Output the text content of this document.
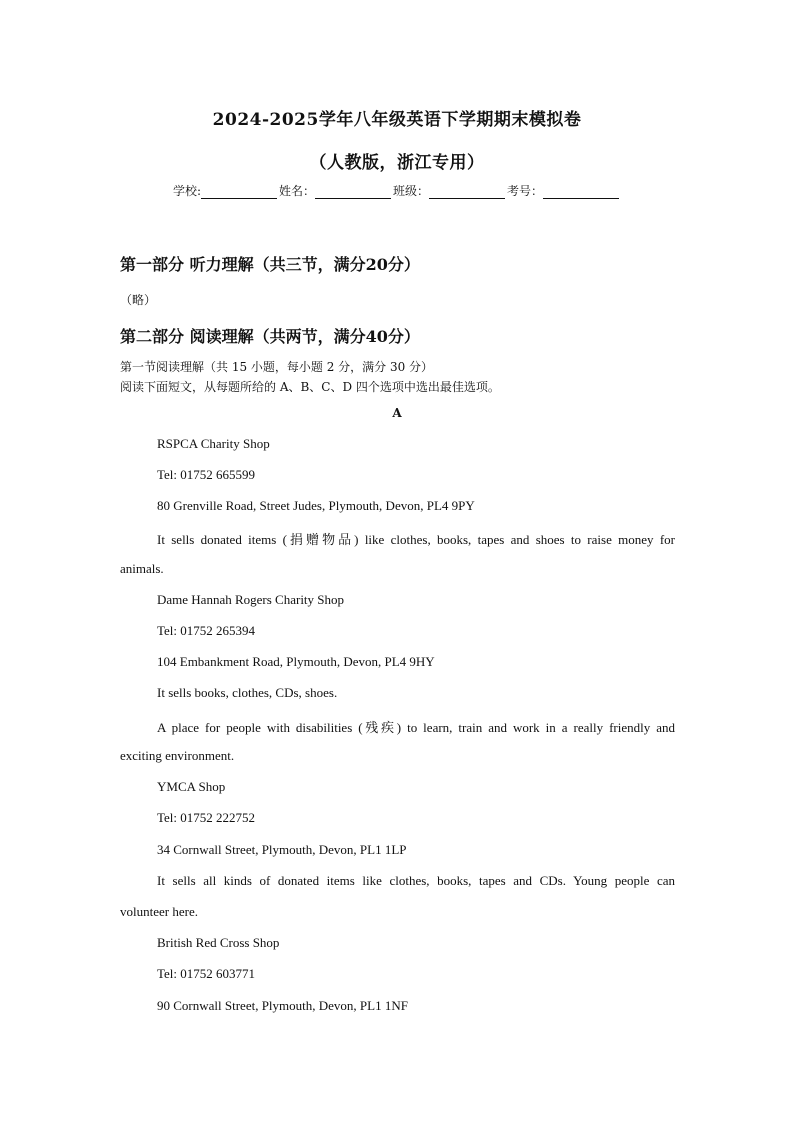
2024-2025学年八年级英语下学期期末模拟卷
（人教版，浙江专用）
学校:	姓名：	班级：	考号：
第一部分 听力理解（共三节，满分20分）
（略）
第二部分 阅读理解（共两节，满分40分）
第一节阅读理解（共 15 小题，每小题 2 分，满分 30 分）
阅读下面短文，从每题所给的 A、B、C、D 四个选项中选出最佳选项。
A
RSPCA Charity Shop
Tel: 01752 665599
80 Grenville Road, Street Judes, Plymouth, Devon, PL4 9PY
It sells donated items (捐赠物品) like clothes, books, tapes and shoes to raise money for
animals.
Dame Hannah Rogers Charity Shop
Tel: 01752 265394
104 Embankment Road, Plymouth, Devon, PL4 9HY
It sells books, clothes, CDs, shoes.
A place for people with disabilities (残疾) to learn, train and work in a really friendly and
exciting environment.
YMCA Shop
Tel: 01752 222752
34 Cornwall Street, Plymouth, Devon, PL1 1LP
It sells all kinds of donated items like clothes, books, tapes and CDs. Young people can
volunteer here.
British Red Cross Shop
Tel: 01752 603771
90 Cornwall Street, Plymouth, Devon, PL1 1NF
